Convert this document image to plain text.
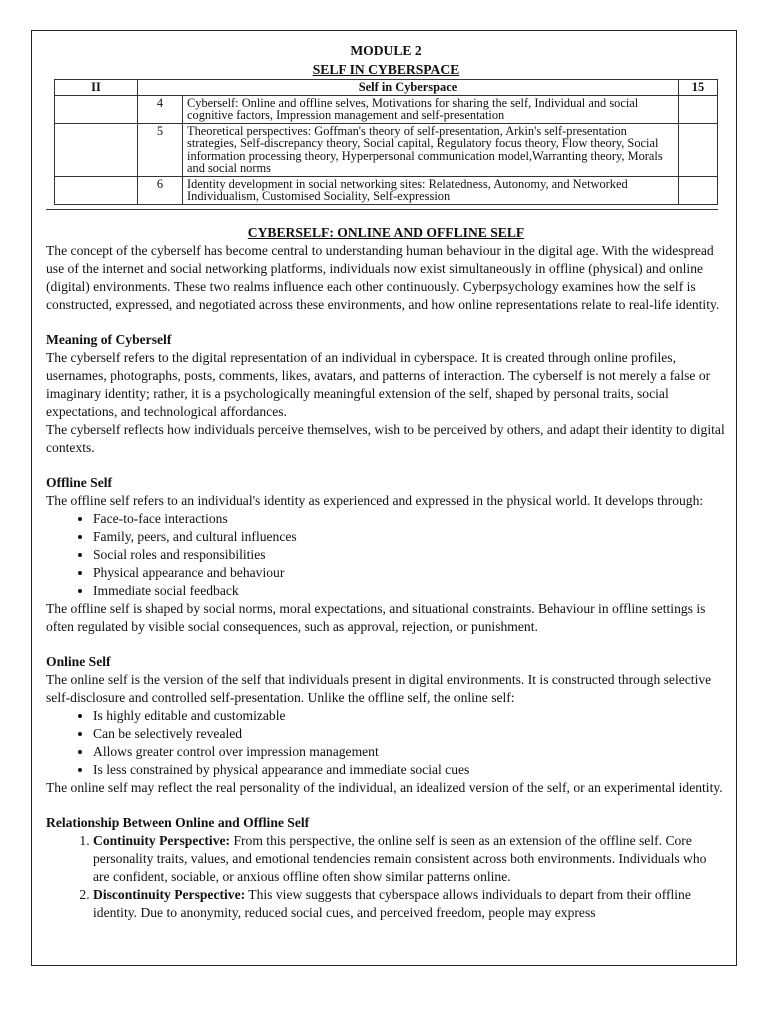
MODULE 2
SELF IN CYBERSPACE
II	Self in Cyberspace		15
	4	Cyberself: Online and offline selves, Motivations for sharing the self, Individual and social cognitive factors, Impression management and self-presentation	
	5	Theoretical perspectives: Goffman's theory of self-presentation, Arkin's self-presentation strategies, Self-discrepancy theory, Social capital, Regulatory focus theory, Flow theory, Social information processing theory, Hyperpersonal communication model,Warranting theory, Morals and social norms	
	6	Identity development in social networking sites: Relatedness, Autonomy, and Networked Individualism, Customised Sociality, Self-expression	
CYBERSELF: ONLINE AND OFFLINE SELF

The concept of the cyberself has become central to understanding human behaviour in the digital age. With the widespread use of the internet and social networking platforms, individuals now exist simultaneously in offline (physical) and online (digital) environments. These two realms influence each other continuously. Cyberpsychology examines how the self is constructed, expressed, and negotiated across these environments, and how online representations relate to real-life identity.

Meaning of Cyberself

The cyberself refers to the digital representation of an individual in cyberspace. It is created through online profiles, usernames, photographs, posts, comments, likes, avatars, and patterns of interaction. The cyberself is not merely a false or imaginary identity; rather, it is a psychologically meaningful extension of the self, shaped by personal traits, social expectations, and technological affordances.

The cyberself reflects how individuals perceive themselves, wish to be perceived by others, and adapt their identity to digital contexts.

Offline Self

The offline self refers to an individual's identity as experienced and expressed in the physical world. It develops through:

• Face-to-face interactions
• Family, peers, and cultural influences
• Social roles and responsibilities
• Physical appearance and behaviour
• Immediate social feedback

The offline self is shaped by social norms, moral expectations, and situational constraints. Behaviour in offline settings is often regulated by visible social consequences, such as approval, rejection, or punishment.

Online Self

The online self is the version of the self that individuals present in digital environments. It is constructed through selective self-disclosure and controlled self-presentation. Unlike the offline self, the online self:

• Is highly editable and customizable
• Can be selectively revealed
• Allows greater control over impression management
• Is less constrained by physical appearance and immediate social cues

The online self may reflect the real personality of the individual, an idealized version of the self, or an experimental identity.

Relationship Between Online and Offline Self
1. Continuity Perspective: From this perspective, the online self is seen as an extension of the offline self. Core personality traits, values, and emotional tendencies remain consistent across both environments. Individuals who are confident, sociable, or anxious offline often show similar patterns online.
2. Discontinuity Perspective: This view suggests that cyberspace allows individuals to depart from their offline identity. Due to anonymity, reduced social cues, and perceived freedom, people may express
